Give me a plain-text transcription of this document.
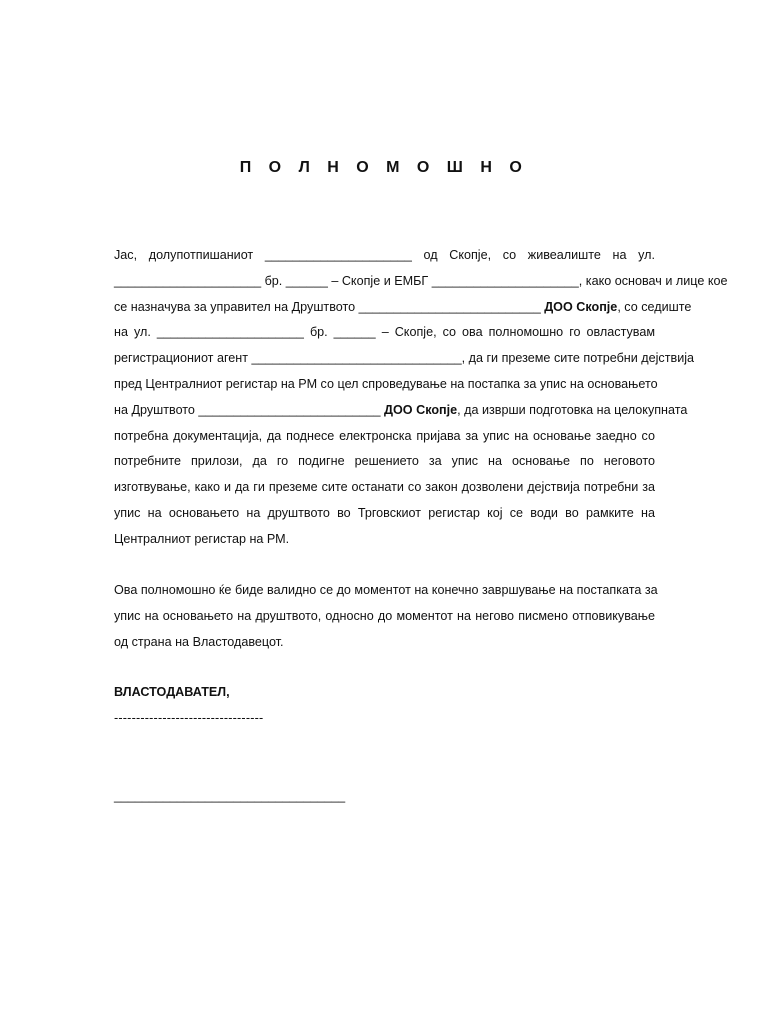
П О Л Н О М О Ш Н О

Јас, долупотпишаниот _____________________ од Скопје, со живеалиште на ул.
_____________________ бр. ______ – Скопје и ЕМБГ _____________________, како основач и лице кое
се назначува за управител на Друштвото __________________________ ДОО Скопје, со седиште
на ул. _____________________ бр. ______ – Скопје, со ова полномошно го овластувам
регистрациониот агент ______________________________, да ги преземе сите потребни дејствија
пред Централниот регистар на РМ со цел спроведување на постапка за упис на основањето
на Друштвото __________________________ ДОО Скопје, да изврши подготовка на целокупната
потребна документација, да поднесе електронска пријава за упис на основање заедно со
потребните прилози, да го подигне решението за упис на основање по неговото
изготвување, како и да ги преземе сите останати со закон дозволени дејствија потребни за
упис на основањето на друштвото во Трговскиот регистар кој се води во рамките на
Централниот регистар на РМ.

Ова полномошно ќе биде валидно се до моментот на конечно завршување на постапката за
упис на основањето на друштвото, односно до моментот на негово писмено отповикување
од страна на Властодавецот.

ВЛАСТОДАВАТЕЛ,

----------------------------------

_________________________________
